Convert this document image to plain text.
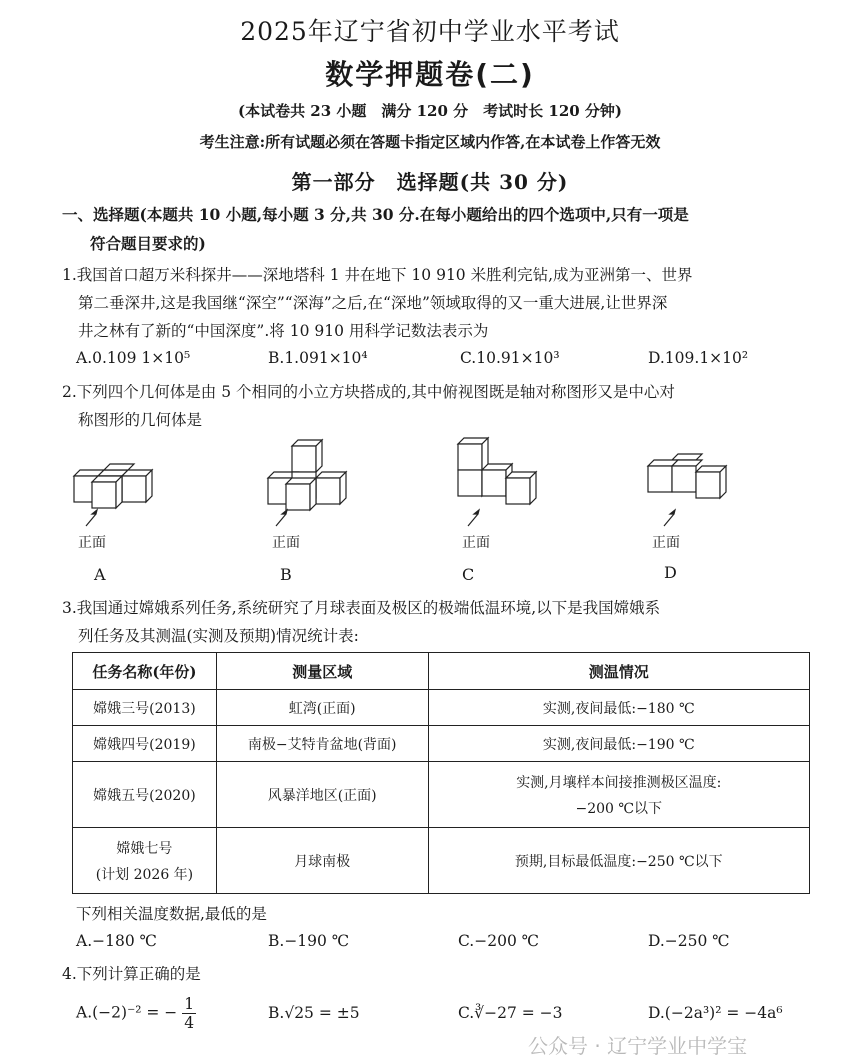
2025年辽宁省初中学业水平考试
数学押题卷(二)
(本试卷共 23 小题　满分 120 分　考试时长 120 分钟)
考生注意:所有试题必须在答题卡指定区域内作答,在本试卷上作答无效
第一部分　选择题(共 30 分)
一、选择题(本题共 10 小题,每小题 3 分,共 30 分.在每小题给出的四个选项中,只有一项是
符合题目要求的)
1.我国首口超万米科探井——深地塔科 1 井在地下 10 910 米胜利完钻,成为亚洲第一、世界
第二垂深井,这是我国继“深空”“深海”之后,在“深地”领域取得的又一重大进展,让世界深
井之林有了新的“中国深度”.将 10 910 用科学记数法表示为
A.0.109 1×10⁵	B.1.091×10⁴	C.10.91×10³	D.109.1×10²
2.下列四个几何体是由 5 个相同的小立方块搭成的,其中俯视图既是轴对称图形又是中心对
称图形的几何体是
正面
A
正面
B
正面
C
正面
D
3.我国通过嫦娥系列任务,系统研究了月球表面及极区的极端低温环境,以下是我国嫦娥系
列任务及其测温(实测及预期)情况统计表:
任务名称(年份)	测量区域	测温情况
嫦娥三号(2013)	虹湾(正面)	实测,夜间最低:−180 ℃
嫦娥四号(2019)	南极−艾特肯盆地(背面)	实测,夜间最低:−190 ℃
嫦娥五号(2020)	风暴洋地区(正面)	实测,月壤样本间接推测极区温度:
−200 ℃以下

嫦娥七号
(计划 2026 年)	月球南极	预期,目标最低温度:−250 ℃以下
下列相关温度数据,最低的是
A.−180 ℃	B.−190 ℃	C.−200 ℃	D.−250 ℃
4.下列计算正确的是
A.(−2)⁻² = − $\frac{1}{4}$	B.√25 = ±5	C.∛−27 = −3	D.(−2a³)² = −4a⁶
公众号 · 辽宁学业中学宝
